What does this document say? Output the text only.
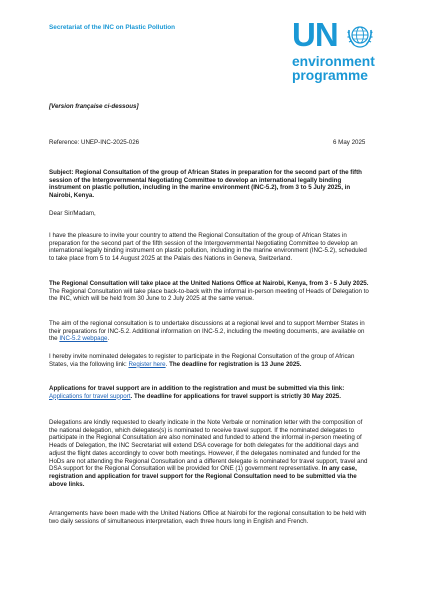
Secretariat of the INC on Plastic Pollution	UN
environment
programme
[Version française ci-dessous]
Reference: UNEP-INC-2025-026	6 May 2025

Subject: Regional Consultation of the group of African States in preparation for the second part of the fifth session of the Intergovernmental Negotiating Committee to develop an international legally binding instrument on plastic pollution, including in the marine environment (INC-5.2), from 3 to 5 July 2025, in Nairobi, Kenya.

Dear Sir/Madam,

I have the pleasure to invite your country to attend the Regional Consultation of the group of African States in preparation for the second part of the fifth session of the Intergovernmental Negotiating Committee to develop an international legally binding instrument on plastic pollution, including in the marine environment (INC-5.2), scheduled to take place from 5 to 14 August 2025 at the Palais des Nations in Geneva, Switzerland.

The Regional Consultation will take place at the United Nations Office at Nairobi, Kenya, from 3 - 5 July 2025. The Regional Consultation will take place back-to-back with the informal in-person meeting of Heads of Delegation to the INC, which will be held from 30 June to 2 July 2025 at the same venue.

The aim of the regional consultation is to undertake discussions at a regional level and to support Member States in their preparations for INC-5.2. Additional information on INC-5.2, including the meeting documents, are available on the INC-5.2 webpage.

I hereby invite nominated delegates to register to participate in the Regional Consultation of the group of African States, via the following link: Register here. The deadline for registration is 13 June 2025.

Applications for travel support are in addition to the registration and must be submitted via this link: Applications for travel support. The deadline for applications for travel support is strictly 30 May 2025.

Delegations are kindly requested to clearly indicate in the Note Verbale or nomination letter with the composition of the national delegation, which delegates(s) is nominated to receive travel support. If the nominated delegates to participate in the Regional Consultation are also nominated and funded to attend the informal in-person meeting of Heads of Delegation, the INC Secretariat will extend DSA coverage for both delegates for the additional days and adjust the flight dates accordingly to cover both meetings. However, if the delegates nominated and funded for the HoDs are not attending the Regional Consultation and a different delegate is nominated for travel support, travel and DSA support for the Regional Consultation will be provided for ONE (1) government representative. In any case, registration and application for travel support for the Regional Consultation need to be submitted via the above links.

Arrangements have been made with the United Nations Office at Nairobi for the regional consultation to be held with two daily sessions of simultaneous interpretation, each three hours long in English and French.
